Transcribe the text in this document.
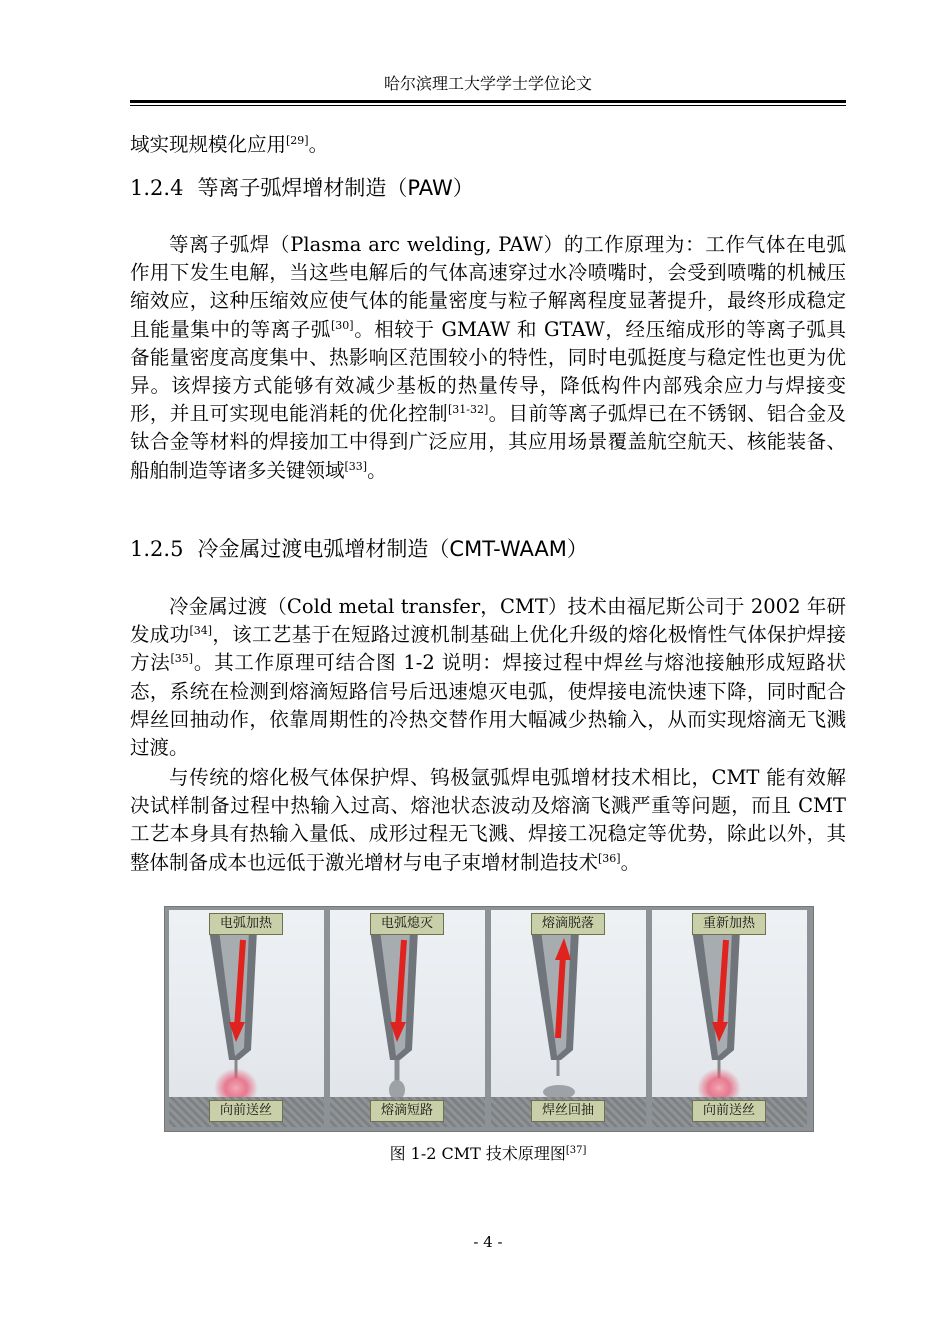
哈尔滨理工大学学士学位论文
域实现规模化应用[29]。
1.2.4 等离子弧焊增材制造（PAW）
等离子弧焊（Plasma arc welding, PAW）的工作原理为：工作气体在电弧作用下发生电解，当这些电解后的气体高速穿过水冷喷嘴时，会受到喷嘴的机械压缩效应，这种压缩效应使气体的能量密度与粒子解离程度显著提升，最终形成稳定且能量集中的等离子弧[30]。相较于 GMAW 和 GTAW，经压缩成形的等离子弧具备能量密度高度集中、热影响区范围较小的特性，同时电弧挺度与稳定性也更为优异。该焊接方式能够有效减少基板的热量传导，降低构件内部残余应力与焊接变形，并且可实现电能消耗的优化控制[31-32]。目前等离子弧焊已在不锈钢、铝合金及钛合金等材料的焊接加工中得到广泛应用，其应用场景覆盖航空航天、核能装备、船舶制造等诸多关键领域[33]。
1.2.5 冷金属过渡电弧增材制造（CMT-WAAM）
冷金属过渡（Cold metal transfer，CMT）技术由福尼斯公司于 2002 年研发成功[34]，该工艺基于在短路过渡机制基础上优化升级的熔化极惰性气体保护焊接方法[35]。其工作原理可结合图 1-2 说明：焊接过程中焊丝与熔池接触形成短路状态，系统在检测到熔滴短路信号后迅速熄灭电弧，使焊接电流快速下降，同时配合焊丝回抽动作，依靠周期性的冷热交替作用大幅减少热输入，从而实现熔滴无飞溅过渡。
与传统的熔化极气体保护焊、钨极氩弧焊电弧增材技术相比，CMT 能有效解决试样制备过程中热输入过高、熔池状态波动及熔滴飞溅严重等问题，而且 CMT 工艺本身具有热输入量低、成形过程无飞溅、焊接工况稳定等优势，除此以外，其整体制备成本也远低于激光增材与电子束增材制造技术[36]。
电弧加热
向前送丝
电弧熄灭
熔滴短路
熔滴脱落
焊丝回抽
重新加热
向前送丝
图 1-2 CMT 技术原理图[37]
- 4 -
